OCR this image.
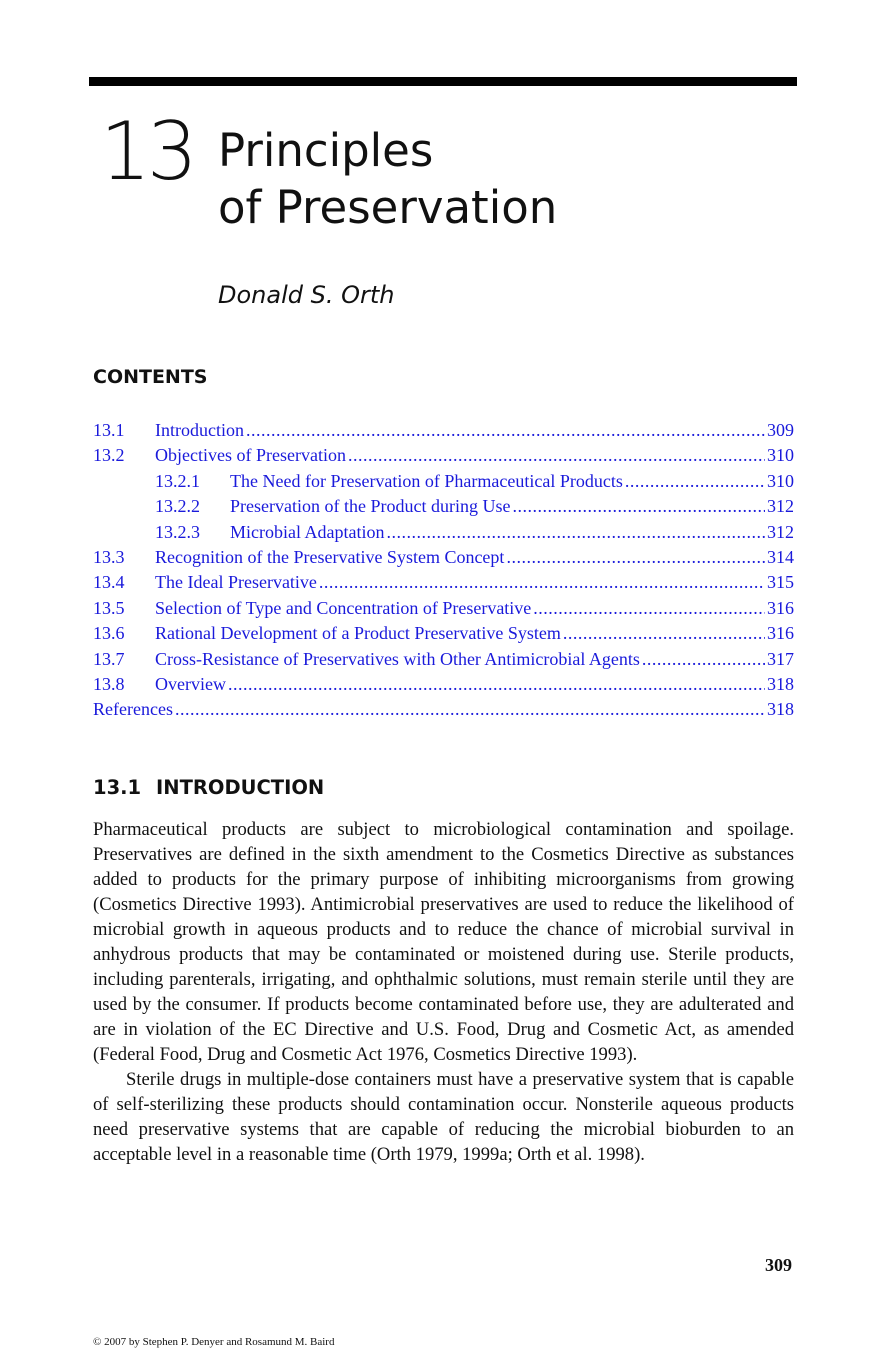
13 Principles
of Preservation
Donald S. Orth
CONTENTS
13.1	Introduction .....	309
13.2	Objectives of Preservation .....	310
13.2.1	The Need for Preservation of Pharmaceutical Products .....	310
13.2.2	Preservation of the Product during Use .....	312
13.2.3	Microbial Adaptation .....	312
13.3	Recognition of the Preservative System Concept .....	314
13.4	The Ideal Preservative .....	315
13.5	Selection of Type and Concentration of Preservative .....	316
13.6	Rational Development of a Product Preservative System .....	316
13.7	Cross-Resistance of Preservatives with Other Antimicrobial Agents .....	317
13.8	Overview .....	318
References .....	318
13.1 INTRODUCTION

Pharmaceutical products are subject to microbiological contamination and spoilage. Preservatives are defined in the sixth amendment to the Cosmetics Directive as substances added to products for the primary purpose of inhibiting microorganisms from growing (Cosmetics Directive 1993). Antimicrobial preservatives are used to reduce the likelihood of microbial growth in aqueous products and to reduce the chance of microbial survival in anhydrous products that may be contaminated or moistened during use. Sterile products, including parenterals, irrigating, and ophthalmic solutions, must remain sterile until they are used by the consumer. If products become contaminated before use, they are adulterated and are in violation of the EC Directive and U.S. Food, Drug and Cosmetic Act, as amended (Federal Food, Drug and Cosmetic Act 1976, Cosmetics Directive 1993).

Sterile drugs in multiple-dose containers must have a preservative system that is capable of self-sterilizing these products should contamination occur. Nonsterile aqueous products need preservative systems that are capable of reducing the microbial bioburden to an acceptable level in a reasonable time (Orth 1979, 1999a; Orth et al. 1998).

309
© 2007 by Stephen P. Denyer and Rosamund M. Baird
